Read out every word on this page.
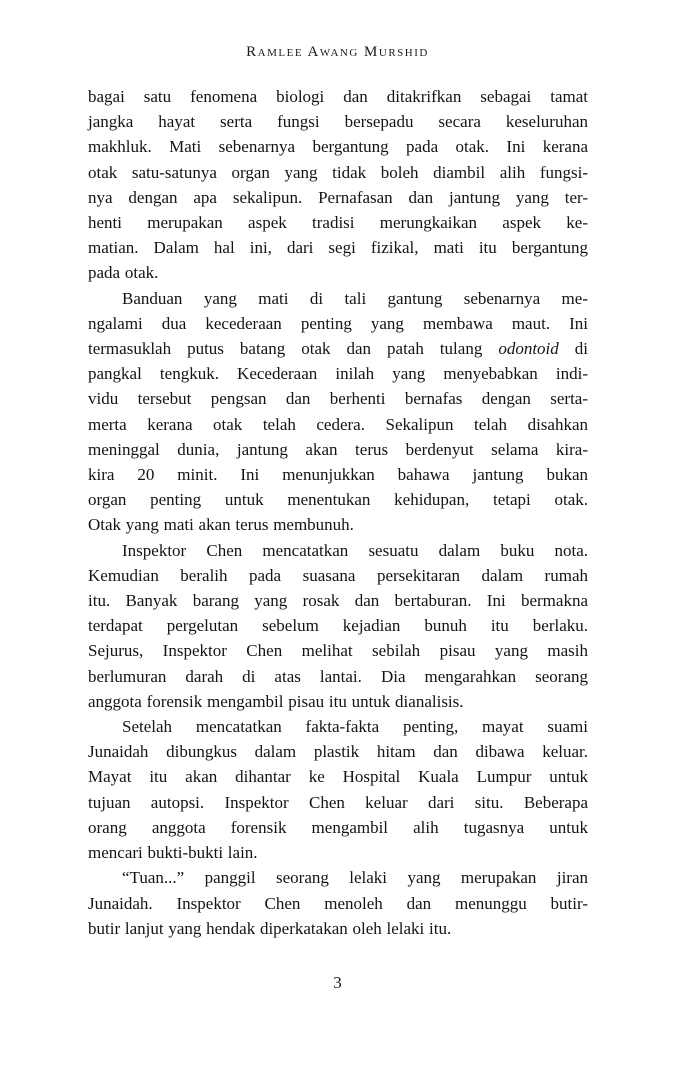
Ramlee Awang Murshid
bagai satu fenomena biologi dan ditakrifkan sebagai tamat
jangka hayat serta fungsi bersepadu secara keseluruhan
makhluk. Mati sebenarnya bergantung pada otak. Ini kerana
otak satu-satunya organ yang tidak boleh diambil alih fungsi-
nya dengan apa sekalipun. Pernafasan dan jantung yang ter-
henti merupakan aspek tradisi merungkaikan aspek ke-
matian. Dalam hal ini, dari segi fizikal, mati itu bergantung
pada otak.
Banduan yang mati di tali gantung sebenarnya me-
ngalami dua kecederaan penting yang membawa maut. Ini
termasuklah putus batang otak dan patah tulang odontoid di
pangkal tengkuk. Kecederaan inilah yang menyebabkan indi-
vidu tersebut pengsan dan berhenti bernafas dengan serta-
merta kerana otak telah cedera. Sekalipun telah disahkan
meninggal dunia, jantung akan terus berdenyut selama kira-
kira 20 minit. Ini menunjukkan bahawa jantung bukan
organ penting untuk menentukan kehidupan, tetapi otak.
Otak yang mati akan terus membunuh.
Inspektor Chen mencatatkan sesuatu dalam buku nota.
Kemudian beralih pada suasana persekitaran dalam rumah
itu. Banyak barang yang rosak dan bertaburan. Ini bermakna
terdapat pergelutan sebelum kejadian bunuh itu berlaku.
Sejurus, Inspektor Chen melihat sebilah pisau yang masih
berlumuran darah di atas lantai. Dia mengarahkan seorang
anggota forensik mengambil pisau itu untuk dianalisis.
Setelah mencatatkan fakta-fakta penting, mayat suami
Junaidah dibungkus dalam plastik hitam dan dibawa keluar.
Mayat itu akan dihantar ke Hospital Kuala Lumpur untuk
tujuan autopsi. Inspektor Chen keluar dari situ. Beberapa
orang anggota forensik mengambil alih tugasnya untuk
mencari bukti-bukti lain.
“Tuan...” panggil seorang lelaki yang merupakan jiran
Junaidah. Inspektor Chen menoleh dan menunggu butir-
butir lanjut yang hendak diperkatakan oleh lelaki itu.
3
